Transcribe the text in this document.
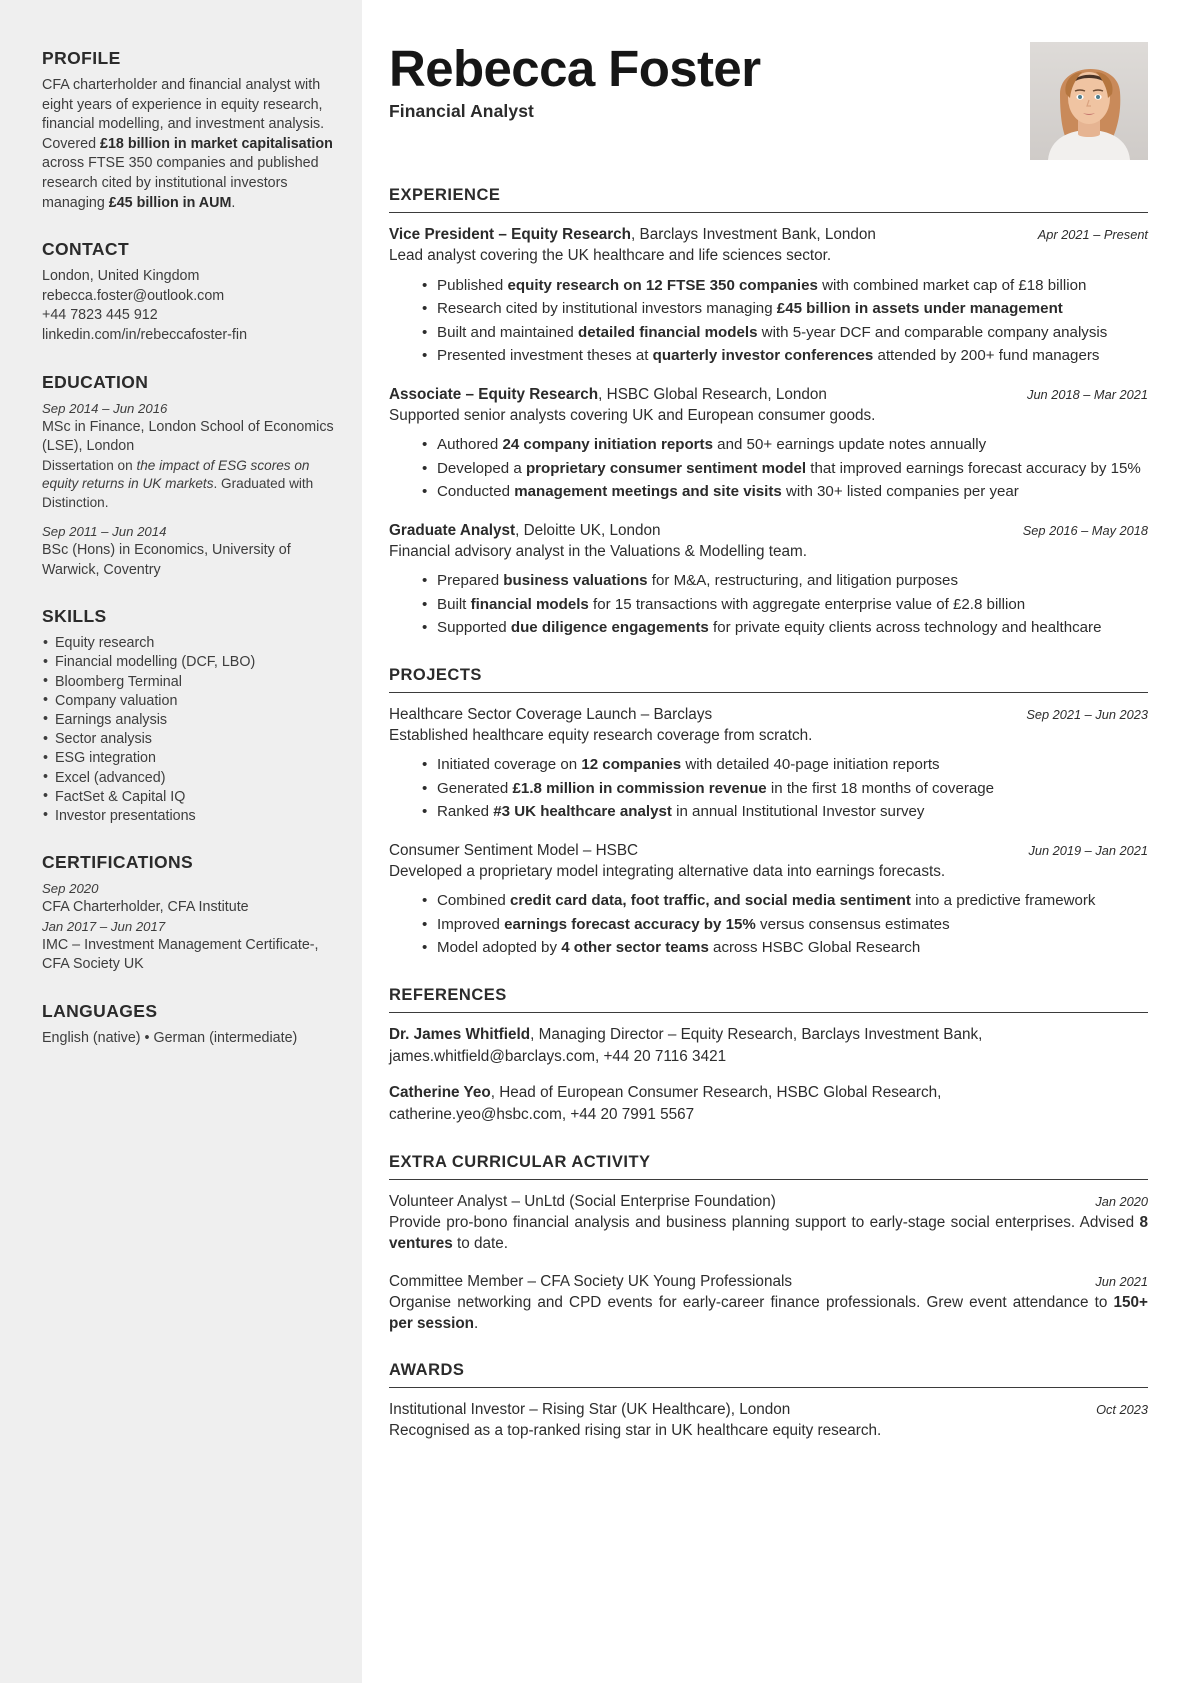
PROFILE
CFA charterholder and financial analyst with eight years of experience in equity research, financial modelling, and investment analysis. Covered £18 billion in market capitalisation across FTSE 350 companies and published research cited by institutional investors managing £45 billion in AUM.
CONTACT
London, United Kingdom
rebecca.foster@outlook.com
+44 7823 445 912
linkedin.com/in/rebeccafoster-fin
EDUCATION
Sep 2014 – Jun 2016
MSc in Finance, London School of Economics (LSE), London
Dissertation on the impact of ESG scores on equity returns in UK markets. Graduated with Distinction.
Sep 2011 – Jun 2014
BSc (Hons) in Economics, University of Warwick, Coventry
SKILLS
• Equity research
• Financial modelling (DCF, LBO)
• Bloomberg Terminal
• Company valuation
• Earnings analysis
• Sector analysis
• ESG integration
• Excel (advanced)
• FactSet & Capital IQ
• Investor presentations
CERTIFICATIONS
Sep 2020
CFA Charterholder, CFA Institute
Jan 2017 – Jun 2017
IMC – Investment Management Certificate-, CFA Society UK
LANGUAGES
English (native) • German (intermediate)
Rebecca Foster
Financial Analyst
EXPERIENCE
Vice President – Equity Research, Barclays Investment Bank, London	Apr 2021 – Present
Lead analyst covering the UK healthcare and life sciences sector.
• Published equity research on 12 FTSE 350 companies with combined market cap of £18 billion
• Research cited by institutional investors managing £45 billion in assets under management
• Built and maintained detailed financial models with 5-year DCF and comparable company analysis
• Presented investment theses at quarterly investor conferences attended by 200+ fund managers
Associate – Equity Research, HSBC Global Research, London	Jun 2018 – Mar 2021
Supported senior analysts covering UK and European consumer goods.
• Authored 24 company initiation reports and 50+ earnings update notes annually
• Developed a proprietary consumer sentiment model that improved earnings forecast accuracy by 15%
• Conducted management meetings and site visits with 30+ listed companies per year
Graduate Analyst, Deloitte UK, London	Sep 2016 – May 2018
Financial advisory analyst in the Valuations & Modelling team.
• Prepared business valuations for M&A, restructuring, and litigation purposes
• Built financial models for 15 transactions with aggregate enterprise value of £2.8 billion
• Supported due diligence engagements for private equity clients across technology and healthcare
PROJECTS
Healthcare Sector Coverage Launch – Barclays	Sep 2021 – Jun 2023
Established healthcare equity research coverage from scratch.
• Initiated coverage on 12 companies with detailed 40-page initiation reports
• Generated £1.8 million in commission revenue in the first 18 months of coverage
• Ranked #3 UK healthcare analyst in annual Institutional Investor survey
Consumer Sentiment Model – HSBC	Jun 2019 – Jan 2021
Developed a proprietary model integrating alternative data into earnings forecasts.
• Combined credit card data, foot traffic, and social media sentiment into a predictive framework
• Improved earnings forecast accuracy by 15% versus consensus estimates
• Model adopted by 4 other sector teams across HSBC Global Research
REFERENCES
Dr. James Whitfield, Managing Director – Equity Research, Barclays Investment Bank,
james.whitfield@barclays.com, +44 20 7116 3421
Catherine Yeo, Head of European Consumer Research, HSBC Global Research,
catherine.yeo@hsbc.com, +44 20 7991 5567
EXTRA CURRICULAR ACTIVITY
Volunteer Analyst – UnLtd (Social Enterprise Foundation)	Jan 2020
Provide pro-bono financial analysis and business planning support to early-stage social enterprises. Advised 8 ventures to date.
Committee Member – CFA Society UK Young Professionals	Jun 2021
Organise networking and CPD events for early-career finance professionals. Grew event attendance to 150+ per session.
AWARDS
Institutional Investor – Rising Star (UK Healthcare), London	Oct 2023
Recognised as a top-ranked rising star in UK healthcare equity research.
